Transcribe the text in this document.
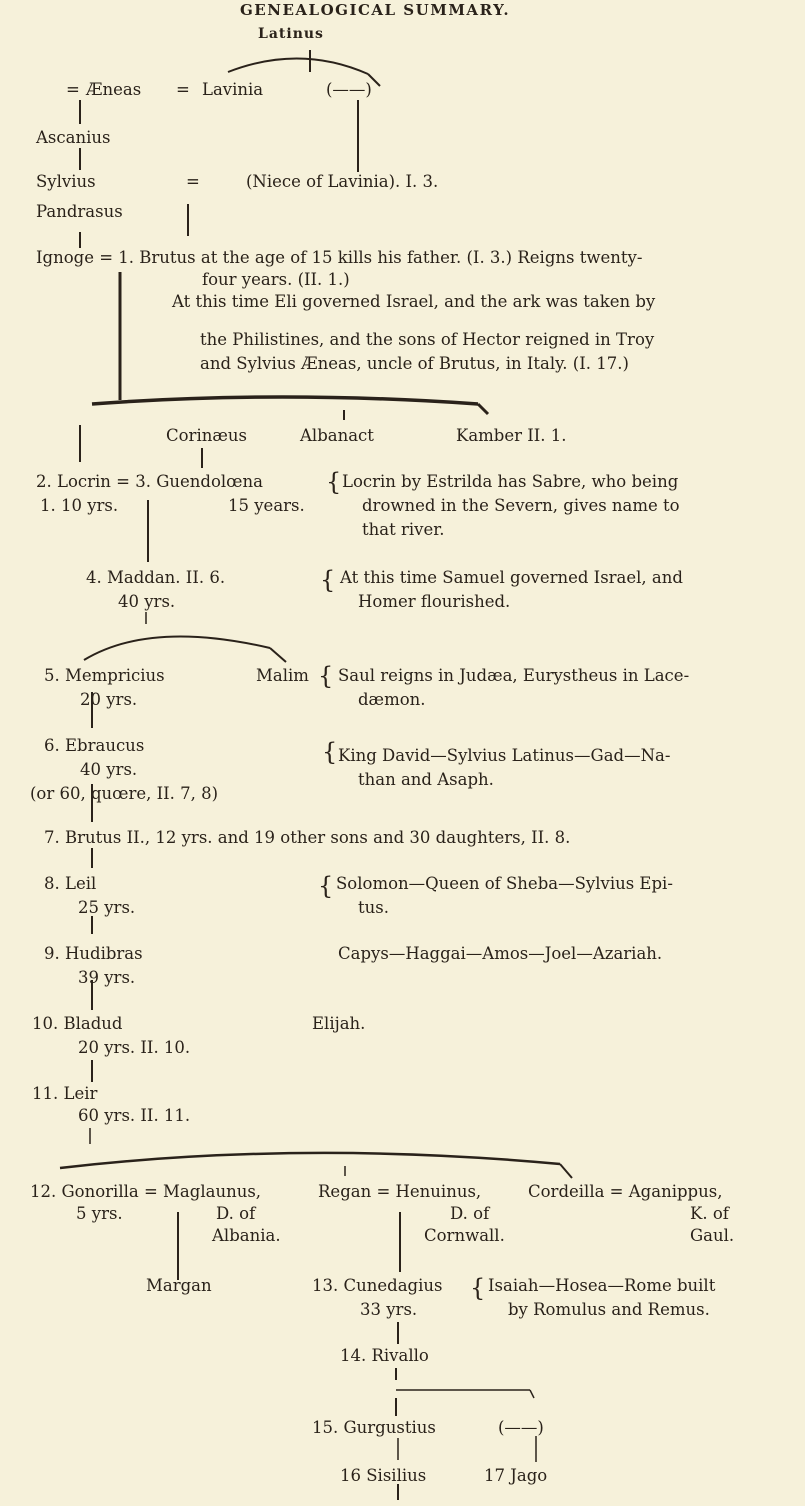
GENEALOGICAL SUMMARY.
Latinus
= Æneas = Lavinia	(——)
Ascanius
Sylvius	=	(Niece of Lavinia). I. 3.
Pandrasus
Ignoge = 1. Brutus at the age of 15 kills his father. (I. 3.) Reigns twenty-
four years. (II. 1.)
At this time Eli governed Israel, and the ark was taken by
the Philistines, and the sons of Hector reigned in Troy
and Sylvius Æneas, uncle of Brutus, in Italy. (I. 17.)
Corinæus	Albanact	Kamber II. 1.
2. Locrin = 3. Guendolœna
1. 10 yrs.	15 years.
{ Locrin by Estrilda has Sabre, who being
drowned in the Severn, gives name to
that river.
4. Maddan. II. 6.
40 yrs.
{ At this time Samuel governed Israel, and
Homer flourished.
5. Mempricius
20 yrs.
Malim { Saul reigns in Judæa, Eurystheus in Lace-
dæmon.
6. Ebraucus
40 yrs.
(or 60, quœre, II. 7, 8)
{ King David—Sylvius Latinus—Gad—Na-
than and Asaph.
7. Brutus II., 12 yrs. and 19 other sons and 30 daughters, II. 8.
8. Leil
25 yrs.
{ Solomon—Queen of Sheba—Sylvius Epi-
tus.
9. Hudibras
39 yrs.
Capys—Haggai—Amos—Joel—Azariah.
10. Bladud
20 yrs. II. 10.
Elijah.
11. Leir
60 yrs. II. 11.
12. Gonorilla = Maglaunus,
5 yrs.	D. of
Albania.
Regan = Henuinus,
D. of
Cornwall.
Cordeilla = Aganippus,
K. of
Gaul.
Margan	13. Cunedagius
33 yrs.
{ Isaiah—Hosea—Rome built
by Romulus and Remus.
14. Rivallo
15. Gurgustius	(——)
16 Sisilius	17 Jago
